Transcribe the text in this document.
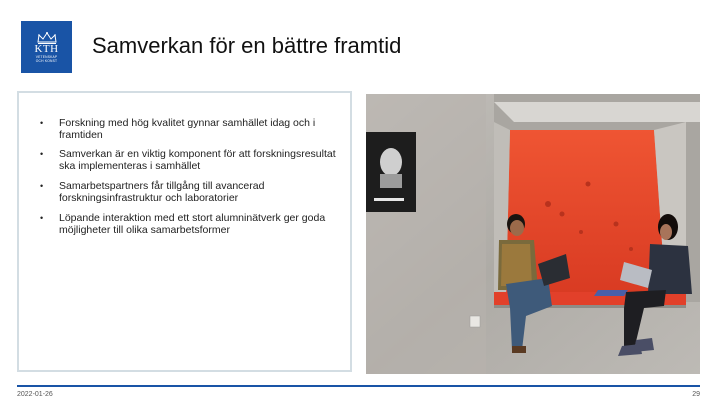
KTH
VETENSKAP
OCH KONST
Samverkan för en bättre framtid
• Forskning med hög kvalitet gynnar samhället idag och i framtiden
• Samverkan är en viktig komponent för att forskningsresultat ska implementeras i samhället
• Samarbetspartners får tillgång till avancerad forskningsinfrastruktur och laboratorier
• Löpande interaktion med ett stort alumninätverk ger goda möjligheter till olika samarbetsformer
2022-01-26	29
